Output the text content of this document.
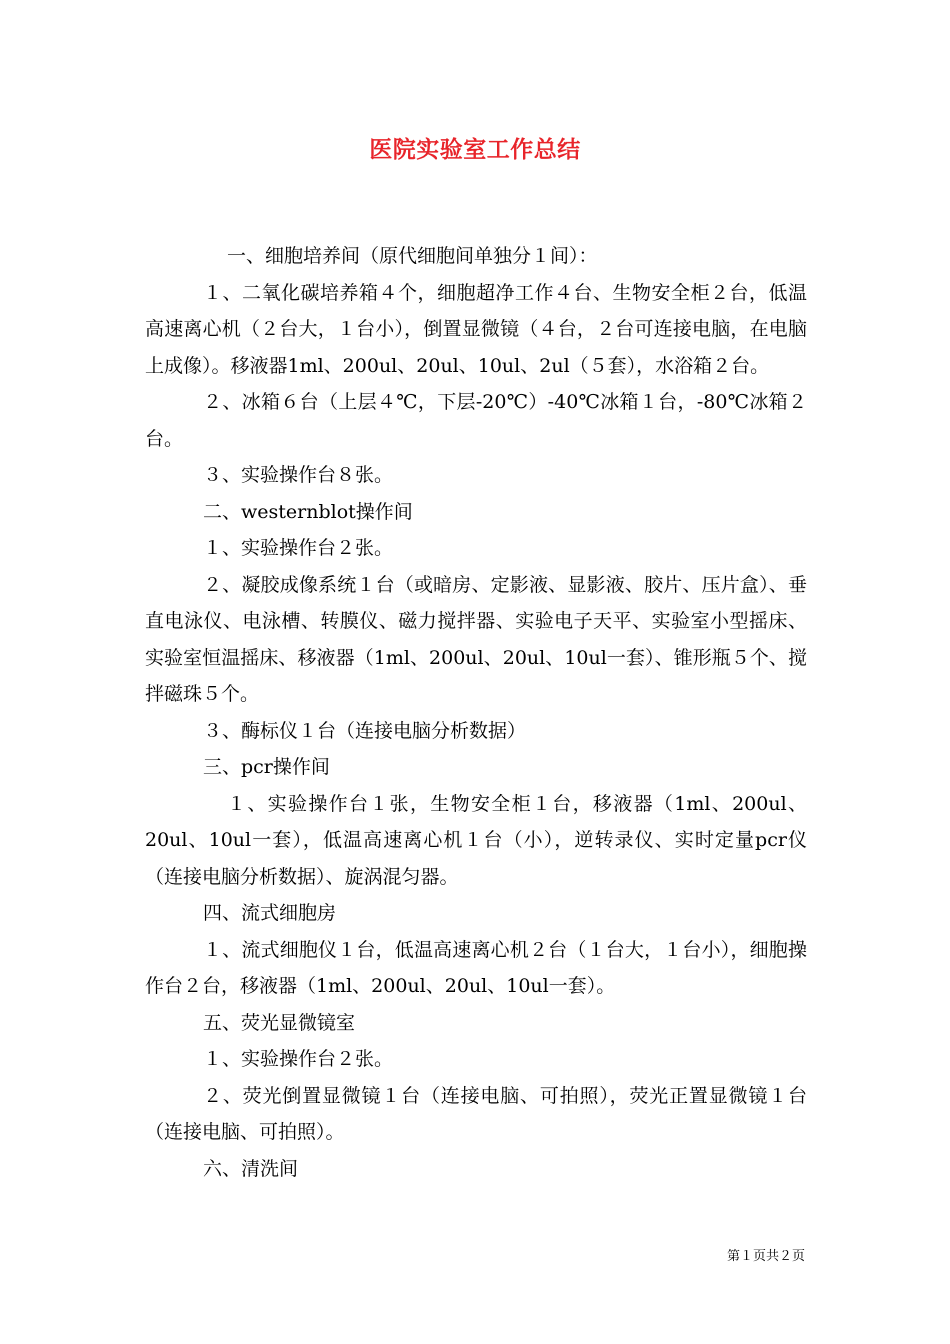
医院实验室工作总结

一、细胞培养间（原代细胞间单独分１间）：

１、二氧化碳培养箱４个，细胞超净工作４台、生物安全柜２台，低温高速离心机（２台大，１台小），倒置显微镜（４台，２台可连接电脑，在电脑上成像）。移液器1ml、200ul、20ul、10ul、2ul（５套），水浴箱２台。

２、冰箱６台（上层４℃，下层-20℃）-40℃冰箱１台，-80℃冰箱２台。

３、实验操作台８张。

二、westernblot操作间

１、实验操作台２张。

２、凝胶成像系统１台（或暗房、定影液、显影液、胶片、压片盒）、垂直电泳仪、电泳槽、转膜仪、磁力搅拌器、实验电子天平、实验室小型摇床、实验室恒温摇床、移液器（1ml、200ul、20ul、10ul一套）、锥形瓶５个、搅拌磁珠５个。

３、酶标仪１台（连接电脑分析数据）

三、pcr操作间

１、实验操作台１张，生物安全柜１台，移液器（1ml、200ul、20ul、10ul一套），低温高速离心机１台（小），逆转录仪、实时定量pcr仪（连接电脑分析数据）、旋涡混匀器。

四、流式细胞房

１、流式细胞仪１台，低温高速离心机２台（１台大，１台小），细胞操作台２台，移液器（1ml、200ul、20ul、10ul一套）。

五、荧光显微镜室

１、实验操作台２张。

２、荧光倒置显微镜１台（连接电脑、可拍照），荧光正置显微镜１台（连接电脑、可拍照）。

六、清洗间

第１页共２页
